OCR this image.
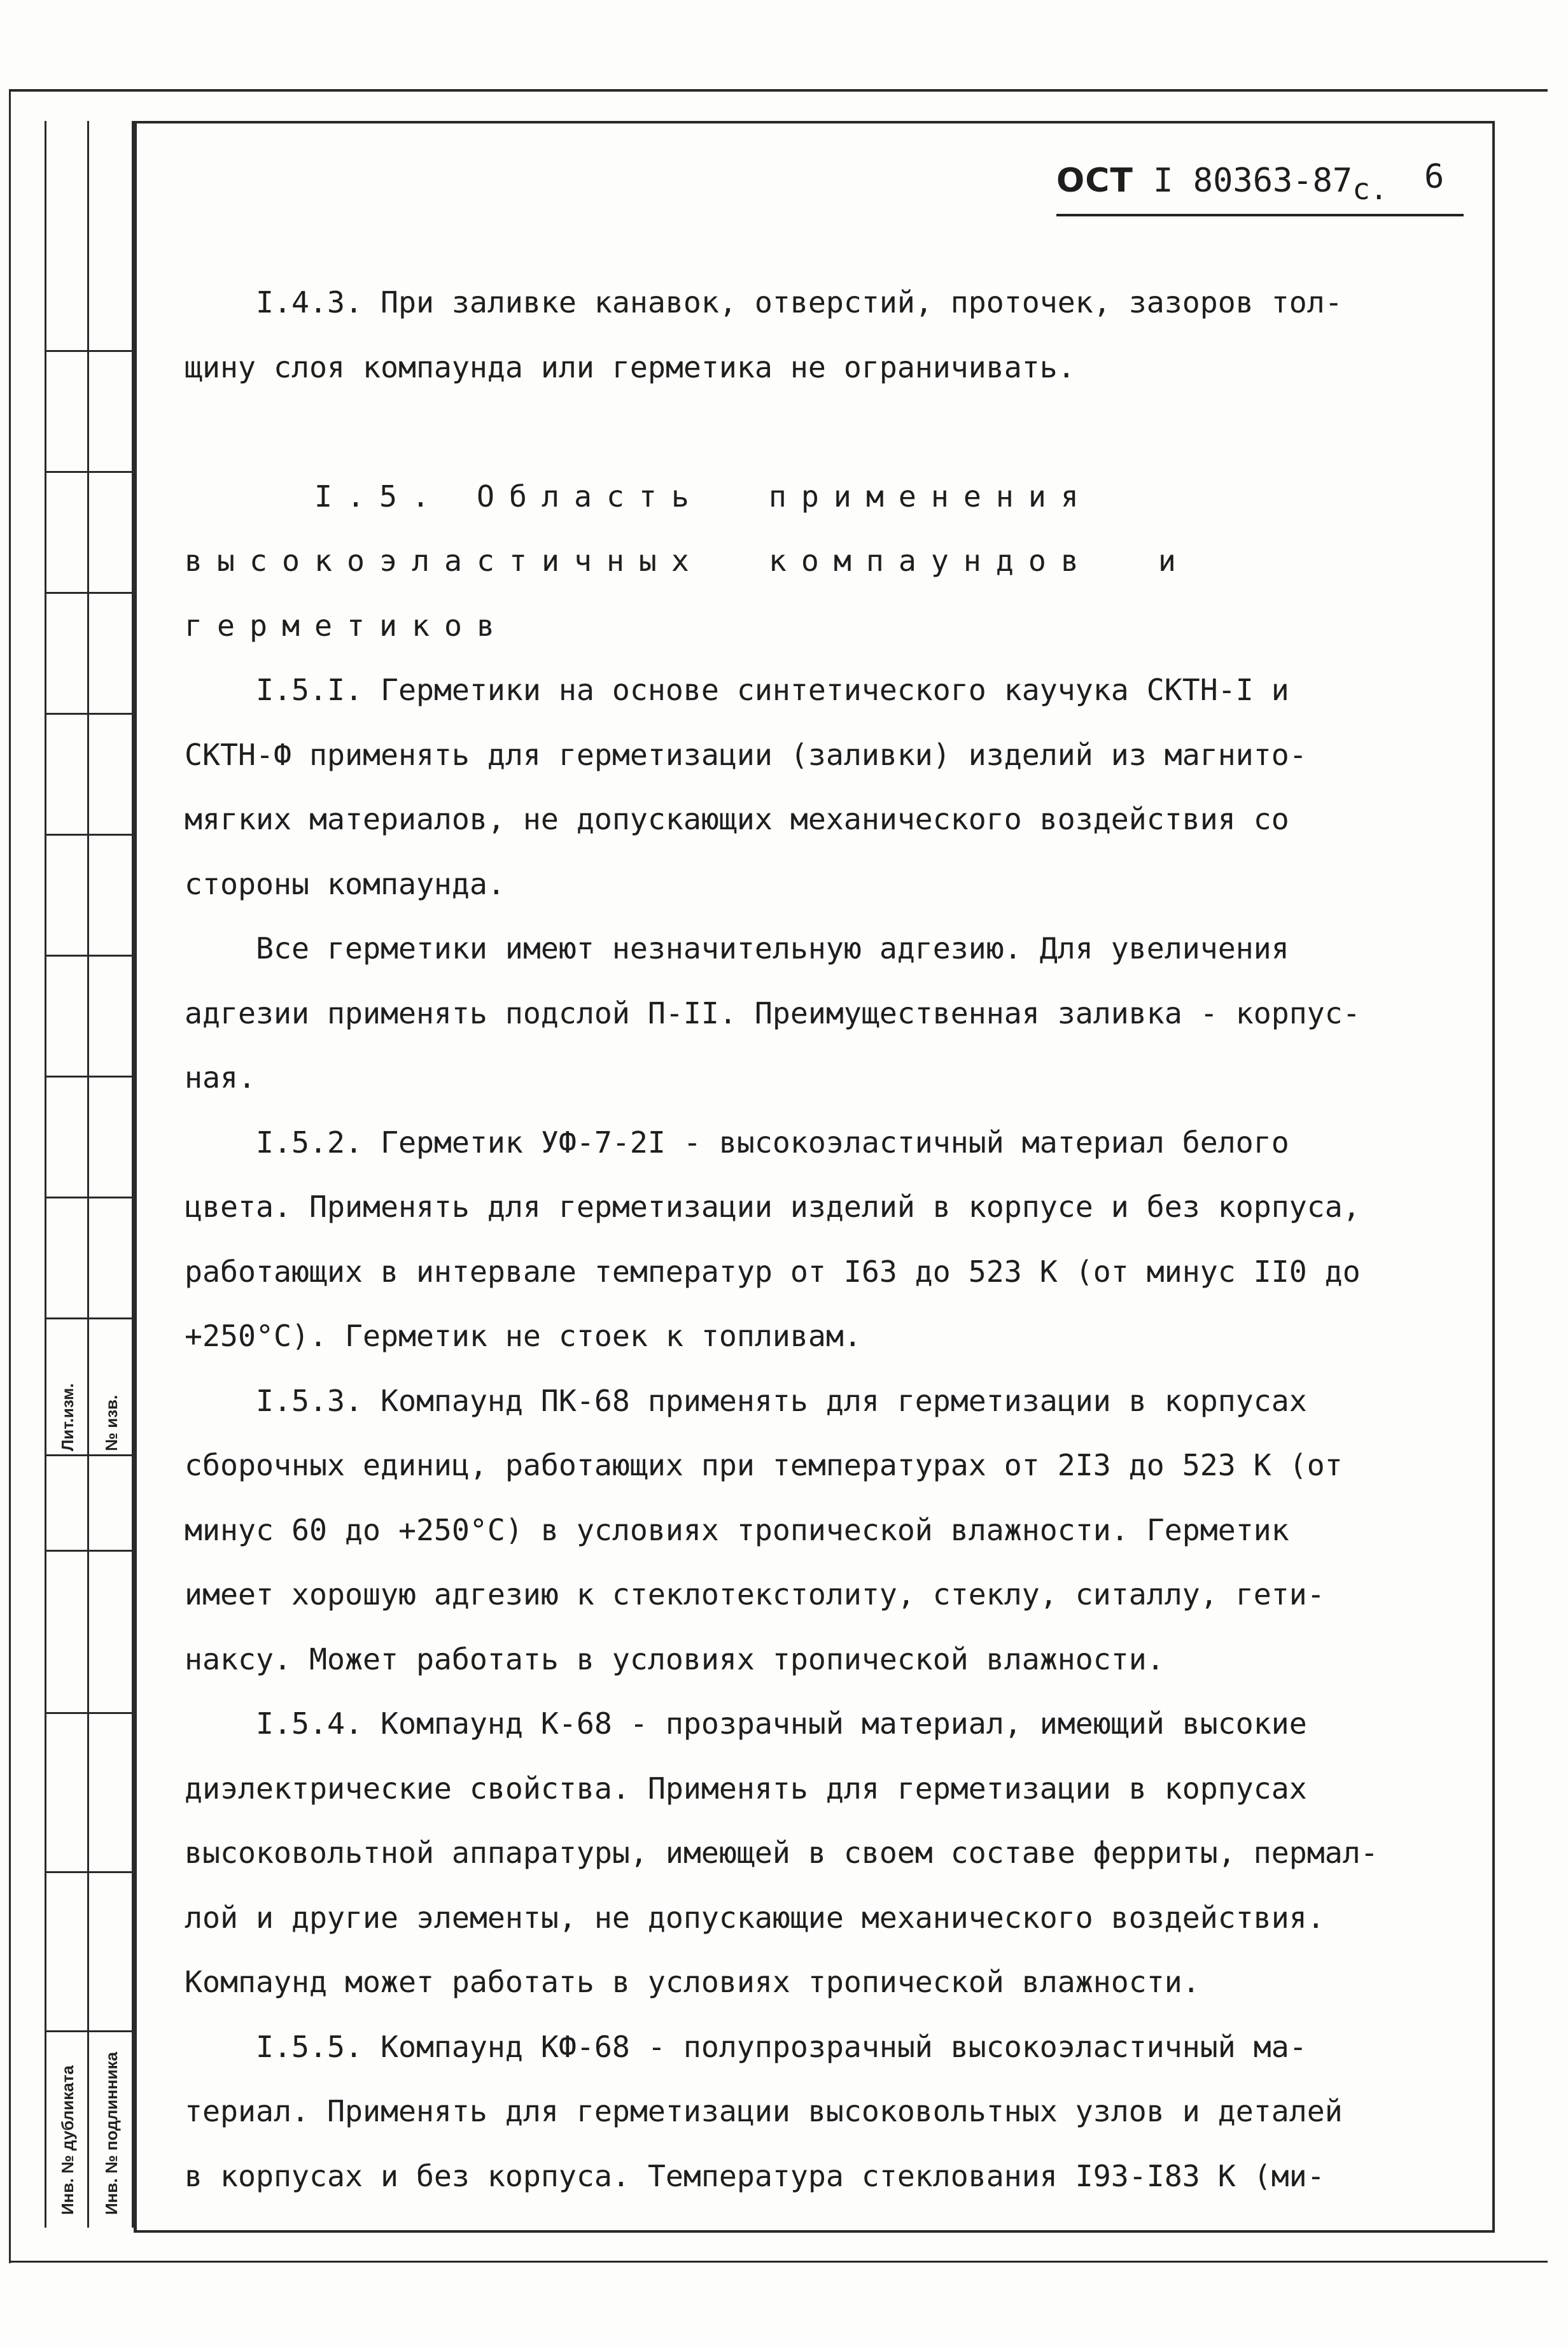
Лит.изм.
Инв. № дубликата
№ изв.
Инв. № подлинника
ОСТ I 80363-87с. 6
I.4.3. При заливке канавок, отверстий, проточек, зазоров тол-
щину слоя компаунда или герметика не ограничивать.
I.5. Область  применения
высокоэластичных  компаундов  и
герметиков
I.5.I. Герметики на основе синтетического каучука СКТН-I и
СКТН-Ф применять для герметизации (заливки) изделий из магнито-
мягких материалов, не допускающих механического воздействия со
стороны компаунда.
Все герметики имеют незначительную адгезию. Для увеличения
адгезии применять подслой П-II. Преимущественная заливка - корпус-
ная.
I.5.2. Герметик УФ-7-2I - высокоэластичный материал белого
цвета. Применять для герметизации изделий в корпусе и без корпуса,
работающих в интервале температур от I63 до 523 К (от минус II0 до
+250°С). Герметик не стоек к топливам.
I.5.3. Компаунд ПК-68 применять для герметизации в корпусах
сборочных единиц, работающих при температурах от 2I3 до 523 К (от
минус 60 до +250°С) в условиях тропической влажности. Герметик
имеет хорошую адгезию к стеклотекстолиту, стеклу, ситаллу, гети-
наксу. Может работать в условиях тропической влажности.
I.5.4. Компаунд К-68 - прозрачный материал, имеющий высокие
диэлектрические свойства. Применять для герметизации в корпусах
высоковольтной аппаратуры, имеющей в своем составе ферриты, пермал-
лой и другие элементы, не допускающие механического воздействия.
Компаунд может работать в условиях тропической влажности.
I.5.5. Компаунд КФ-68 - полупрозрачный высокоэластичный ма-
териал. Применять для герметизации высоковольтных узлов и деталей
в корпусах и без корпуса. Температура стеклования I93-I83 К (ми-
